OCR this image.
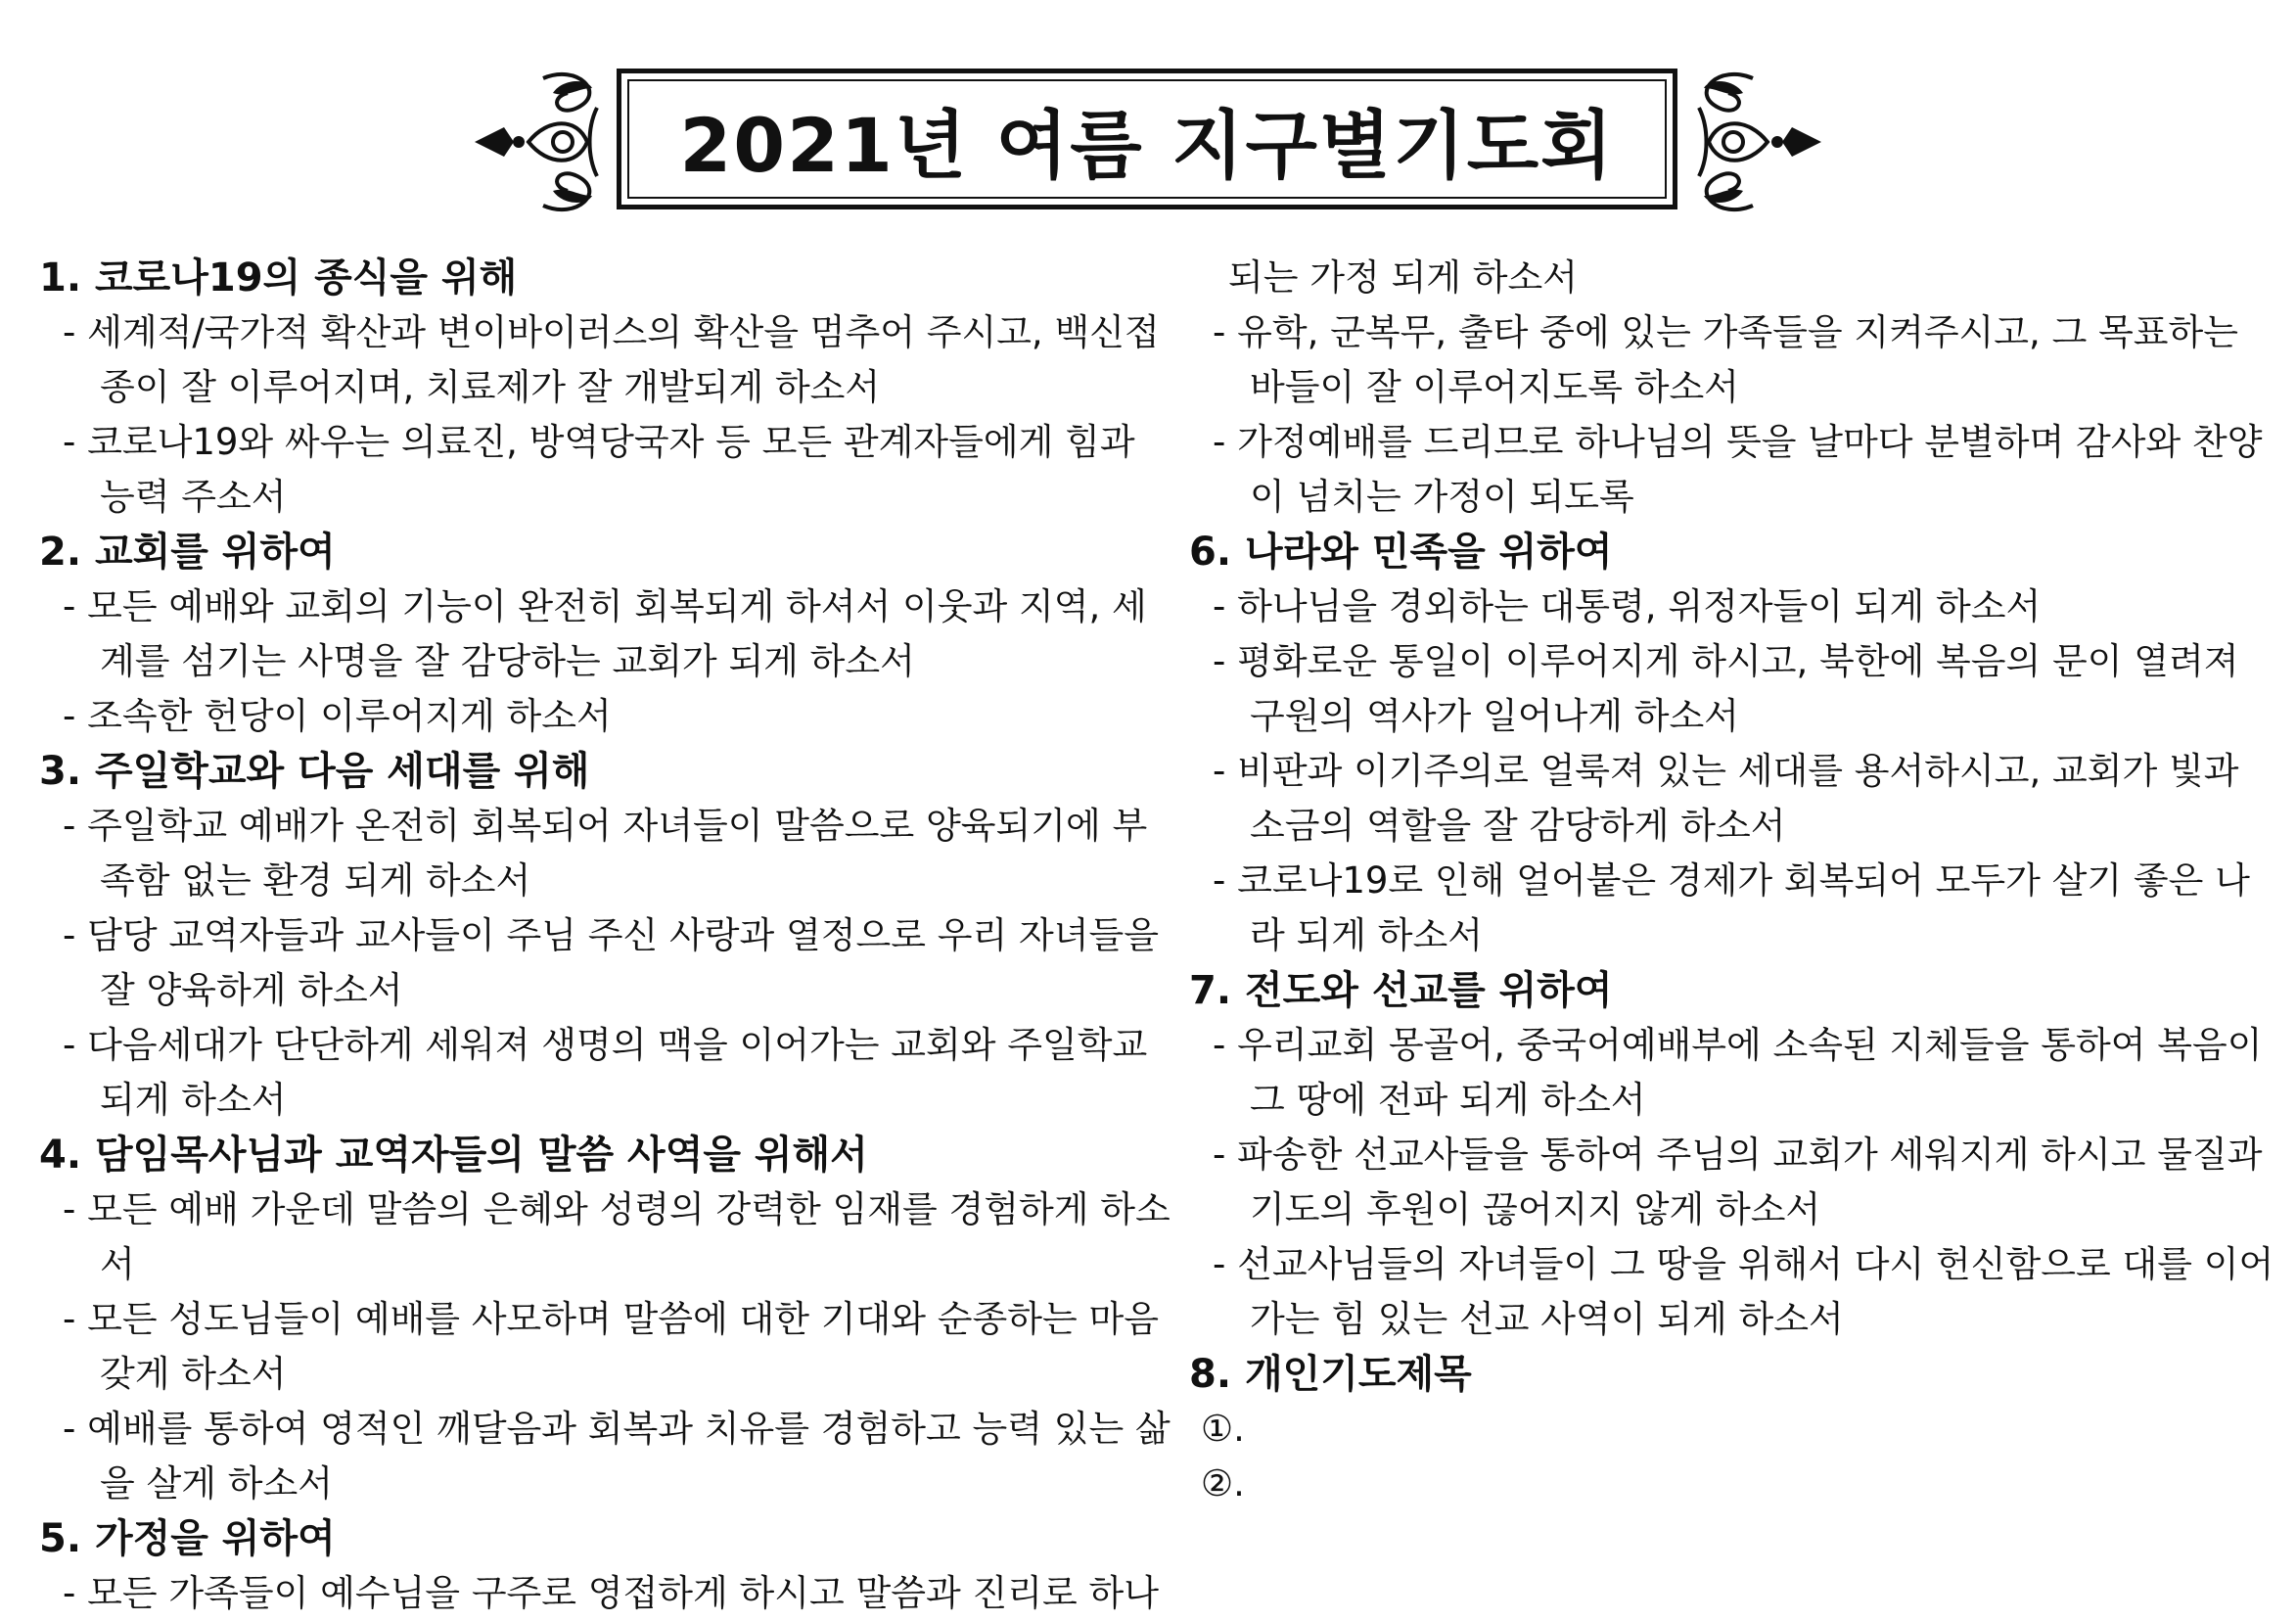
2021년 여름 지구별기도회
1. 코로나19의 종식을 위해
- 세계적/국가적 확산과 변이바이러스의 확산을 멈추어 주시고, 백신접 종이 잘 이루어지며, 치료제가 잘 개발되게 하소서
- 코로나19와 싸우는 의료진, 방역당국자 등 모든 관계자들에게 힘과 능력 주소서
2. 교회를 위하여
- 모든 예배와 교회의 기능이 완전히 회복되게 하셔서 이웃과 지역, 세계를 섬기는 사명을 잘 감당하는 교회가 되게 하소서
- 조속한 헌당이 이루어지게 하소서
3. 주일학교와 다음 세대를 위해
- 주일학교 예배가 온전히 회복되어 자녀들이 말씀으로 양육되기에 부족함 없는 환경 되게 하소서
- 담당 교역자들과 교사들이 주님 주신 사랑과 열정으로 우리 자녀들을 잘 양육하게 하소서
- 다음세대가 단단하게 세워져 생명의 맥을 이어가는 교회와 주일학교 되게 하소서
4. 담임목사님과 교역자들의 말씀 사역을 위해서
- 모든 예배 가운데 말씀의 은혜와 성령의 강력한 임재를 경험하게 하소서
- 모든 성도님들이 예배를 사모하며 말씀에 대한 기대와 순종하는 마음 갖게 하소서
- 예배를 통하여 영적인 깨달음과 회복과 치유를 경험하고 능력 있는 삶을 살게 하소서
5. 가정을 위하여
- 모든 가족들이 예수님을 구주로 영접하게 하시고 말씀과 진리로 하나
되는 가정 되게 하소서
- 유학, 군복무, 출타 중에 있는 가족들을 지켜주시고, 그 목표하는 바들이 잘 이루어지도록 하소서
- 가정예배를 드리므로 하나님의 뜻을 날마다 분별하며 감사와 찬양이 넘치는 가정이 되도록
6. 나라와 민족을 위하여
- 하나님을 경외하는 대통령, 위정자들이 되게 하소서
- 평화로운 통일이 이루어지게 하시고, 북한에 복음의 문이 열려져 구원의 역사가 일어나게 하소서
- 비판과 이기주의로 얼룩져 있는 세대를 용서하시고, 교회가 빛과 소금의 역할을 잘 감당하게 하소서
- 코로나19로 인해 얼어붙은 경제가 회복되어 모두가 살기 좋은 나라 되게 하소서
7. 전도와 선교를 위하여
- 우리교회 몽골어, 중국어예배부에 소속된 지체들을 통하여 복음이 그 땅에 전파 되게 하소서
- 파송한 선교사들을 통하여 주님의 교회가 세워지게 하시고 물질과 기도의 후원이 끊어지지 않게 하소서
- 선교사님들의 자녀들이 그 땅을 위해서 다시 헌신함으로 대를 이어가는 힘 있는 선교 사역이 되게 하소서
8. 개인기도제목
①.
②.
